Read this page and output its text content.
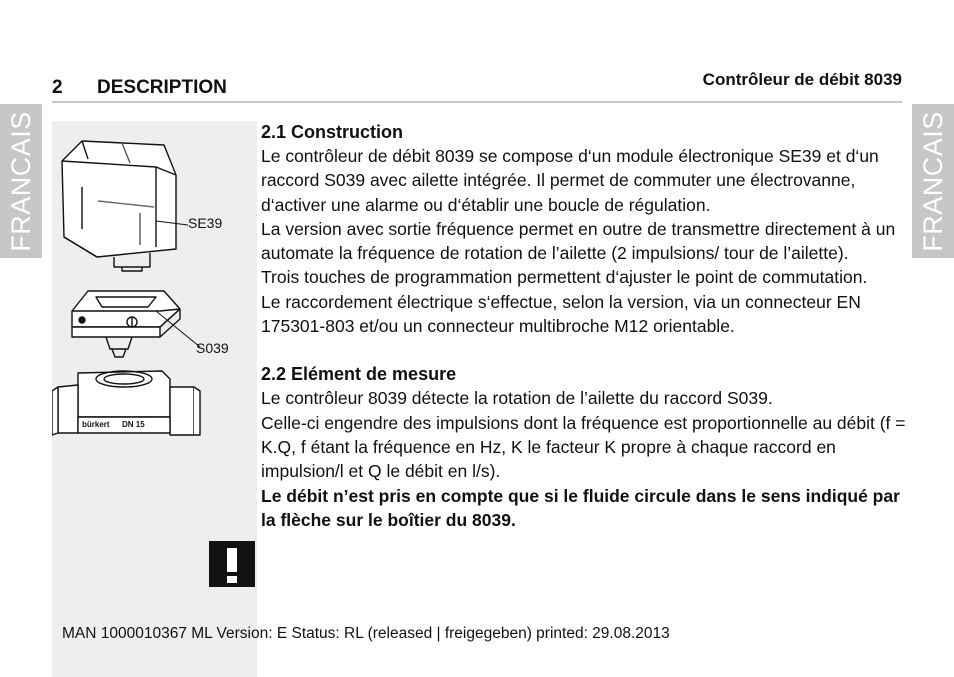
2 DESCRIPTION	Contrôleur de débit 8039
FRANCAIS	FRANCAIS
SE39
S039
bürkert DN 15
2.1 Construction

Le contrôleur de débit 8039 se compose d‘un module électronique SE39 et d‘un raccord S039 avec ailette intégrée. Il permet de commuter une électrovanne, d‘activer une alarme ou d‘établir une boucle de régulation.

La version avec sortie fréquence permet en outre de transmettre directement à un automate la fréquence de rotation de l’ailette (2 impulsions/ tour de l’ailette).

Trois touches de programmation permettent d‘ajuster le point de commutation.

Le raccordement électrique s‘effectue, selon la version, via un connecteur EN 175301-803 et/ou un connecteur multibroche M12 orientable.

2.2 Elément de mesure

Le contrôleur 8039 détecte la rotation de l’ailette du raccord S039.

Celle-ci engendre des impulsions dont la fréquence est proportionnelle au débit (f = K.Q, f étant la fréquence en Hz, K le facteur K propre à chaque raccord en impulsion/l et Q le débit en l/s).

Le débit n’est pris en compte que si le fluide circule dans le sens indiqué par la flèche sur le boîtier du 8039.

MAN 1000010367 ML Version: E Status: RL (released | freigegeben) printed: 29.08.2013
